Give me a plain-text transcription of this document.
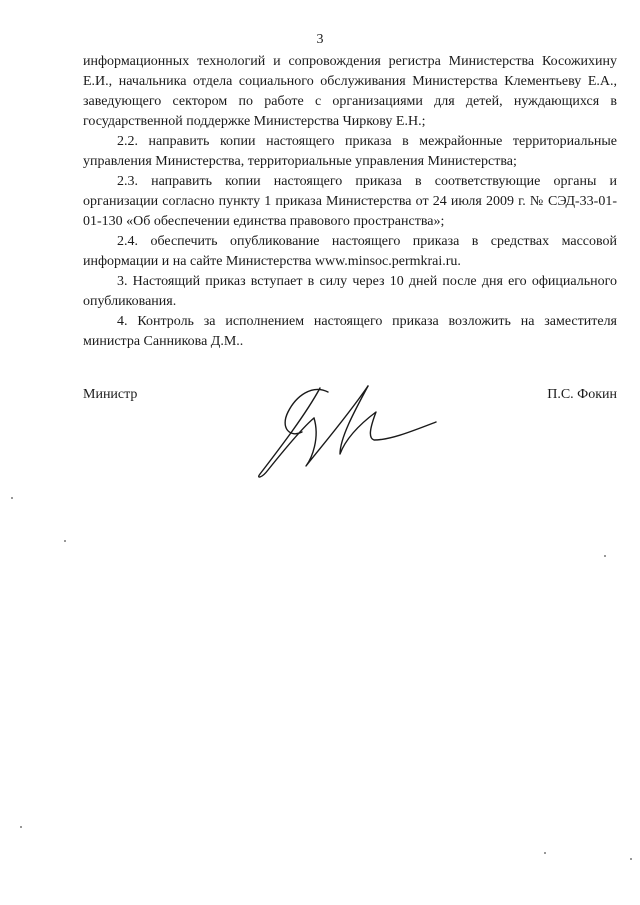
3

информационных технологий и сопровождения регистра Министерства Косожихину Е.И., начальника отдела социального обслуживания Министерства Клементьеву Е.А., заведующего сектором по работе с организациями для детей, нуждающихся в государственной поддержке Министерства Чиркову Е.Н.;

2.2. направить копии настоящего приказа в межрайонные территориальные управления Министерства, территориальные управления Министерства;

2.3. направить копии настоящего приказа в соответствующие органы и организации согласно пункту 1 приказа Министерства от 24 июля 2009 г. № СЭД-33-01-01-130 «Об обеспечении единства правового пространства»;

2.4. обеспечить опубликование настоящего приказа в средствах массовой информации и на сайте Министерства www.minsoc.permkrai.ru.

3. Настоящий приказ вступает в силу через 10 дней после дня его официального опубликования.

4. Контроль за исполнением настоящего приказа возложить на заместителя министра Санникова Д.М..

Министр	П.С. Фокин
